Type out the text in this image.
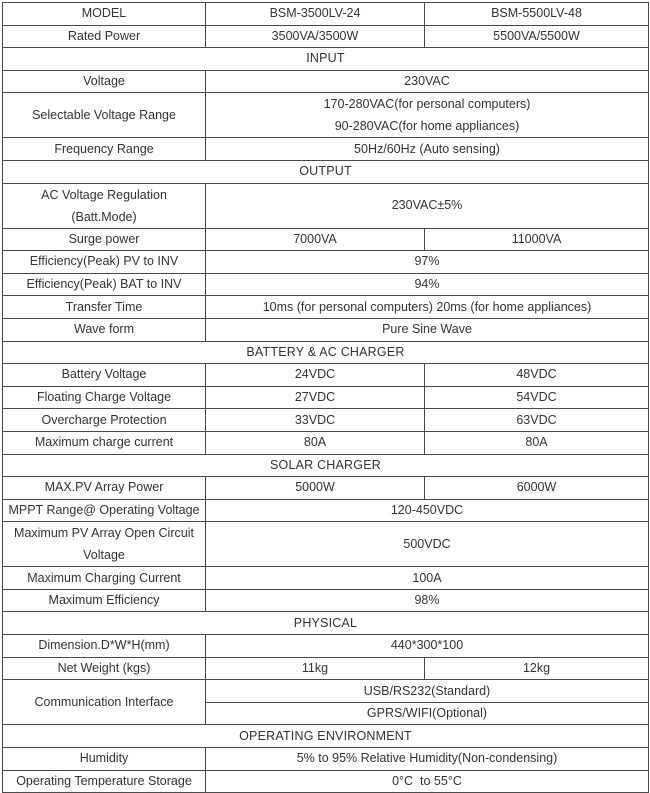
MODEL	BSM-3500LV-24	BSM-5500LV-48
Rated Power	3500VA/3500W	5500VA/5500W
INPUT		
Voltage	230VAC	
Selectable Voltage Range	170-280VAC(for personal computers)
90-280VAC(for home appliances)	

Frequency Range	50Hz/60Hz (Auto sensing)	
OUTPUT		

AC Voltage Regulation
(Batt.Mode)	230VAC±5%	
Surge power	7000VA	11000VA
Efficiency(Peak) PV to INV	97%	
Efficiency(Peak) BAT to INV	94%	
Transfer Time	10ms (for personal computers) 20ms (for home appliances)	
Wave form	Pure Sine Wave	
BATTERY & AC CHARGER		
Battery Voltage	24VDC	48VDC
Floating Charge Voltage	27VDC	54VDC
Overcharge Protection	33VDC	63VDC
Maximum charge current	80A	80A
SOLAR CHARGER		
MAX.PV Array Power	5000W	6000W
MPPT Range@ Operating Voltage	120-450VDC	

Maximum PV Array Open Circuit
Voltage	500VDC	
Maximum Charging Current	100A	
Maximum Efficiency	98%	
PHYSICAL		
Dimension.D*W*H(mm)	440*300*100	
Net Weight (kgs)	11kg	12kg
Communication Interface	USB/RS232(Standard)	
	GPRS/WIFI(Optional)	
OPERATING ENVIRONMENT		
Humidity	5% to 95% Relative Humidity(Non-condensing)	
Operating Temperature Storage	0°C  to 55°C	
